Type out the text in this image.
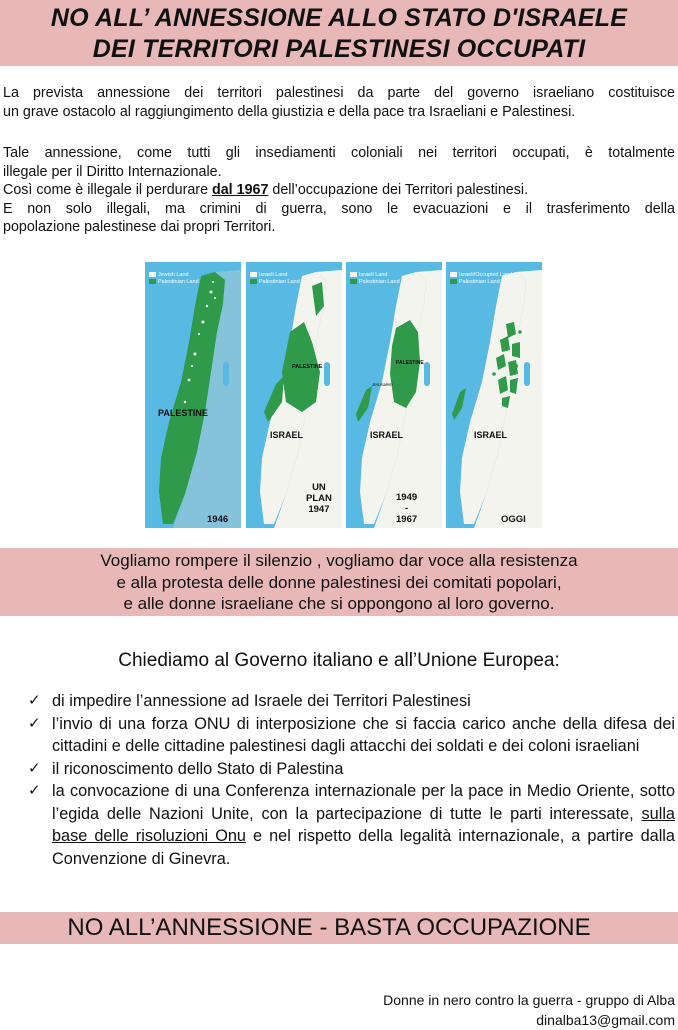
NO ALL’ ANNESSIONE ALLO STATO D'ISRAELE
DEI TERRITORI PALESTINESI OCCUPATI
La prevista annessione dei territori palestinesi da parte del governo israeliano costituisce
un grave ostacolo al raggiungimento della giustizia e della pace tra Israeliani e Palestinesi.
Tale annessione, come tutti gli insediamenti coloniali nei territori occupati, è totalmente
illegale per il Diritto Internazionale.
Così come è illegale il perdurare dal 1967 dell’occupazione dei Territori palestinesi.
E non solo illegali, ma crimini di guerra, sono le evacuazioni e il trasferimento della
popolazione palestinese dai propri Territori.
Jewish Land
Palestinian Land
PALESTINE
1946
Israeli Land
Palestinian Land
PALESTINE
ISRAEL
UN
PLAN
1947
Israeli Land
Palestinian Land
PALESTINE
Jerusalem
ISRAEL
1949
-
1967
Israeli/Occupied Land
Palestinian Land
ISRAEL
OGGI
Vogliamo rompere il silenzio , vogliamo dar voce alla resistenza
e alla protesta delle donne palestinesi dei comitati popolari,
e alle donne israeliane che si oppongono al loro governo.
Chiediamo al Governo italiano e all’Unione Europea:
✓ di impedire l’annessione ad Israele dei Territori Palestinesi
✓ l’invio di una forza ONU di interposizione che si faccia carico anche della difesa dei cittadini e delle cittadine palestinesi dagli attacchi dei soldati e dei coloni israeliani
✓ il riconoscimento dello Stato di Palestina
✓ la convocazione di una Conferenza internazionale per la pace in Medio Oriente, sotto l’egida delle Nazioni Unite, con la partecipazione di tutte le parti interessate, sulla base delle risoluzioni Onu e nel rispetto della legalità internazionale, a partire dalla Convenzione di Ginevra.
NO ALL’ANNESSIONE - BASTA OCCUPAZIONE
Donne in nero contro la guerra - gruppo di Alba
dinalba13@gmail.com
